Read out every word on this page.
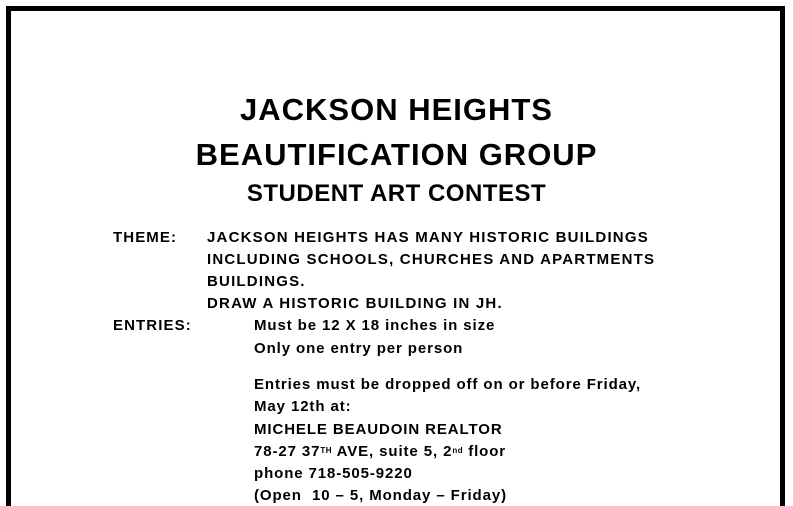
JACKSON HEIGHTS
BEAUTIFICATION GROUP
STUDENT ART CONTEST
THEME: JACKSON HEIGHTS HAS MANY HISTORIC BUILDINGS
INCLUDING SCHOOLS, CHURCHES AND APARTMENTS
BUILDINGS.
DRAW A HISTORIC BUILDING IN JH.
ENTRIES:	Must be 12 X 18 inches in size
Only one entry per person
Entries must be dropped off on or before Friday,
May 12th at:
MICHELE BEAUDOIN REALTOR
78-27 37TH AVE, suite 5, 2nd floor
phone 718-505-9220
(Open  10 – 5, Monday – Friday)
